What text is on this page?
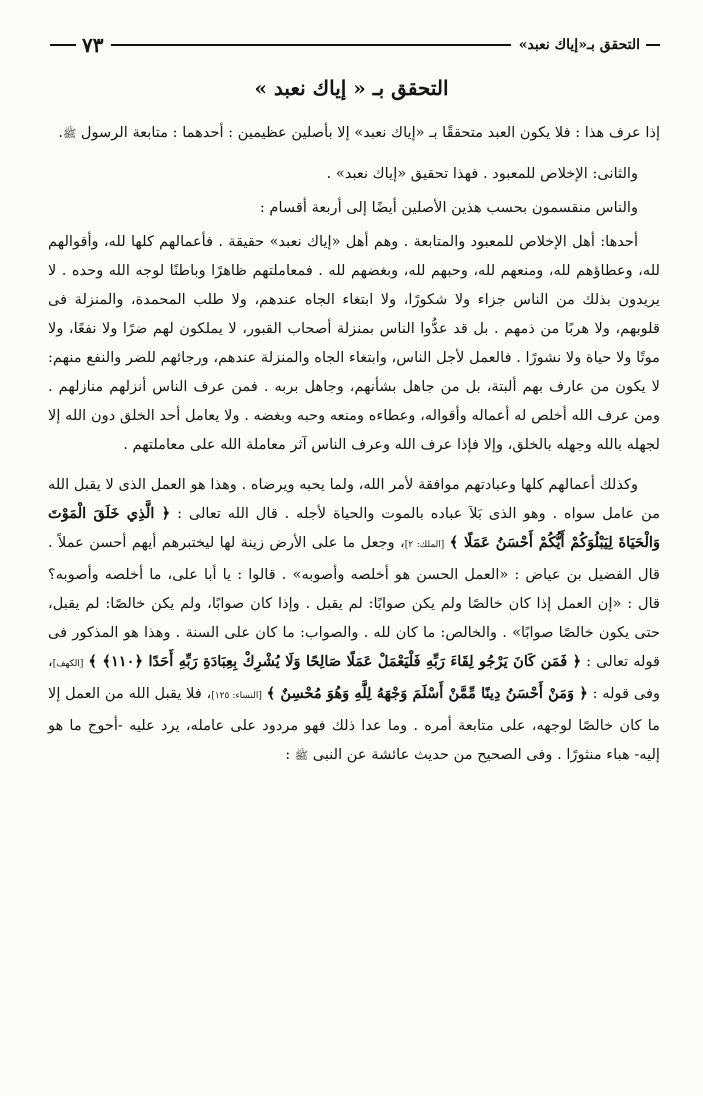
التحقق بـ«إياك نعبد»
٧٣
التحقق بـ « إياك نعبد »

إذا عرف هذا : فلا يكون العبد متحققًا بـ «إياك نعبد» إلا بأصلين عظيمين : أحدهما : متابعة الرسول ﷺ.

والثانى: الإخلاص للمعبود . فهذا تحقيق «إياك نعبد» .

والناس منقسمون بحسب هذين الأصلين أيضًا إلى أربعة أقسام :

أحدها: أهل الإخلاص للمعبود والمتابعة . وهم أهل «إياك نعبد» حقيقة . فأعمالهم كلها لله، وأقوالهم لله، وعطاؤهم لله، ومنعهم لله، وحبهم لله، وبغضهم لله . فمعاملتهم ظاهرًا وباطنًا لوجه الله وحده . لا يريدون بذلك من الناس جزاء ولا شكورًا، ولا ابتغاء الجاه عندهم، ولا طلب المحمدة، والمنزلة فى قلوبهم، ولا هربًا من ذمهم . بل قد عدُّوا الناس بمنزلة أصحاب القبور، لا يملكون لهم ضرًا ولا نفعًا، ولا موتًا ولا حياة ولا نشورًا . فالعمل لأجل الناس، وابتغاء الجاه والمنزلة عندهم، ورجائهم للضر والنفع منهم: لا يكون من عارف بهم ألبتة، بل من جاهل بشأنهم، وجاهل بربه . فمن عرف الناس أنزلهم منازلهم . ومن عرف الله أخلص له أعماله وأقواله، وعطاءه ومنعه وحبه وبغضه . ولا يعامل أحد الخلق دون الله إلا لجهله بالله وجهله بالخلق، وإلا فإذا عرف الله وعرف الناس آثر معاملة الله على معاملتهم .

وكذلك أعمالهم كلها وعبادتهم موافقة لأمر الله، ولما يحبه ويرضاه . وهذا هو العمل الذى لا يقبل الله من عامل سواه . وهو الذى بَلاَ عباده بالموت والحياة لأجله . قال الله تعالى : ﴿ الَّذِي خَلَقَ الْمَوْتَ وَالْحَيَاةَ لِيَبْلُوَكُمْ أَيُّكُمْ أَحْسَنُ عَمَلًا ﴾ [الملك: ٢]، وجعل ما على الأرض زينة لها ليختبرهم أيهم أحسن عملاً . قال الفضيل بن عياض : «العمل الحسن هو أخلصه وأصوبه» . قالوا : يا أبا على، ما أخلصه وأصوبه؟ قال : «إن العمل إذا كان خالصًا ولم يكن صوابًا: لم يقبل . وإذا كان صوابًا، ولم يكن خالصًا: لم يقبل، حتى يكون خالصًا صوابًا» . والخالص: ما كان لله . والصواب: ما كان على السنة . وهذا هو المذكور فى قوله تعالى : ﴿ فَمَن كَانَ يَرْجُو لِقَاءَ رَبِّهِ فَلْيَعْمَلْ عَمَلًا صَالِحًا وَلَا يُشْرِكْ بِعِبَادَةِ رَبِّهِ أَحَدًا ﴿١١٠﴾ ﴾ [الكهف]، وفى قوله : ﴿ وَمَنْ أَحْسَنُ دِينًا مِّمَّنْ أَسْلَمَ وَجْهَهُ لِلَّهِ وَهُوَ مُحْسِنٌ ﴾ [النساء: ١٢٥]، فلا يقبل الله من العمل إلا ما كان خالصًا لوجهه، على متابعة أمره . وما عدا ذلك فهو مردود على عامله، يرد عليه -أحوج ما هو إليه- هباء منثورًا . وفى الصحيح من حديث عائشة عن النبى ﷺ :
